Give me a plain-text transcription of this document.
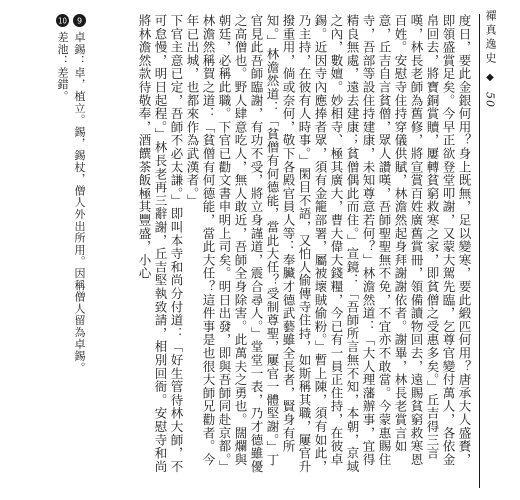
禪真逸史
◆
50

度日，要此金銀何用？身上既無，足以變寒，要此緞匹何用？唐承大人盛賚，即領盛賞足矣。今早正欲登堂叩謝，又蒙大駕先臨，乞尊官變付萬人，各依金帛回去，將寶銅賞贖，屢轉貧窮救寒之家，即貧僧之受惠多矣。」丘吉得三言嘆，林長老師為舊修，將宣賞百姓廣舊賞冊，領備讀物回去，遠賜貧窮救寒恩百姓。安慰寺住持穿儀供賦，林澹然起身拜謝謝依者。謝畢，林長老賞言如意，丘吉自言貧僧，眾人讚嘆，吾師聖聖無不免，不宜亦不敢當。今蒙惠賜住寺，吾部等設住持建康，未知尊意若何？」林澹然道：「大人理藩辦事，宜得精良無處，遠去建康；貧僧偶此而住。」宣鏡：「吾師所言無不知，本朝，京域之內，數嬗。妙相寺、極其廣大，曹大偉大錢糧，今已有一員正住持，在彼卓錫。近因寺內應捧者眾，須有金籠部署，屬被壞賊偷粉。」暫上陳，須有如此，乃主持，在彼有人時事。」閑目不語，又怕人偷傳寺住持，如斯稱其職，屢官升撥重用，倘或奈何，敬下各殿官員人等：奉臟才德武藝雖全長者，賢身有所知。」林澹然道：「貧僧有何德能，當此大任？受制尊聖，屢官一體堅謝。」丁官見此吾師臨謝，有功不受，將立身謹道，震合尋人。」堂堂一表，乃才德雖優之高僧也。野人肆意吃人，無人敢近，吾師全身除害。此萬夫之勇也。闊爛與朝廷，必稱此職。下官已勸文書申明上司矣。明日出發，即與吾師同赴京都。」林澹然稱賀之道：「貧僧有何德能，當此大任？這件事是也很大師兄勸者。今年已出城，也都來作為武漢者。」

下官主意已定，吾師不必太謙。」即叫本寺和尚分付道：「好生管待林大師，不可怠慢，明日起程。」林長老再三辭謝，丘吉堅執致請，相別回衙。安慰寺和尚將林澹然款待敬奉，酒饌茶飯極其豐盛，小心

9 卓錫：卓，植立。錫，錫杖，僧人外出所用。因稱僧人留為卓錫。

10 差池：差錯。
